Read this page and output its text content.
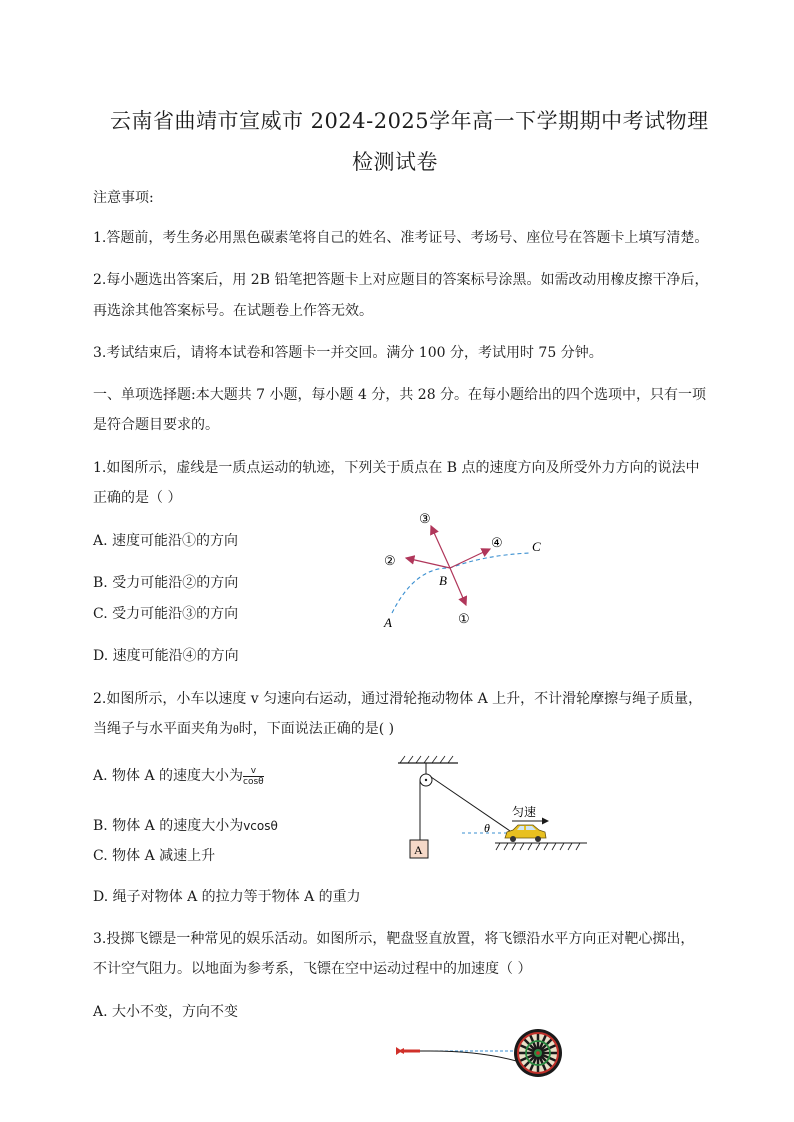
云南省曲靖市宣威市 2024-2025学年高一下学期期中考试物理
检测试卷
注意事项:
1.答题前，考生务必用黑色碳素笔将自己的姓名、准考证号、考场号、座位号在答题卡上填写清楚。
2.每小题选出答案后，用 2B 铅笔把答题卡上对应题目的答案标号涂黑。如需改动用橡皮擦干净后，
再选涂其他答案标号。在试题卷上作答无效。
3.考试结束后，请将本试卷和答题卡一并交回。满分 100 分，考试用时 75 分钟。
一、单项选择题:本大题共 7 小题，每小题 4 分，共 28 分。在每小题给出的四个选项中，只有一项
是符合题目要求的。
1.如图所示，虚线是一质点运动的轨迹，下列关于质点在 B 点的速度方向及所受外力方向的说法中
正确的是（ ）
A. 速度可能沿①的方向
B. 受力可能沿②的方向
C. 受力可能沿③的方向
D. 速度可能沿④的方向
A
B
C
①
②
③
④
2.如图所示，小车以速度 v 匀速向右运动，通过滑轮拖动物体 A 上升，不计滑轮摩擦与绳子质量，
当绳子与水平面夹角为θ时，下面说法正确的是( )
A. 物体 A 的速度大小为 $\frac{v}{\cos\theta}$
B. 物体 A 的速度大小为vcosθ
C. 物体 A 减速上升
D. 绳子对物体 A 的拉力等于物体 A 的重力
A
θ
匀速
3.投掷飞镖是一种常见的娱乐活动。如图所示，靶盘竖直放置，将飞镖沿水平方向正对靶心掷出，
不计空气阻力。以地面为参考系，飞镖在空中运动过程中的加速度（ ）
A. 大小不变，方向不变
